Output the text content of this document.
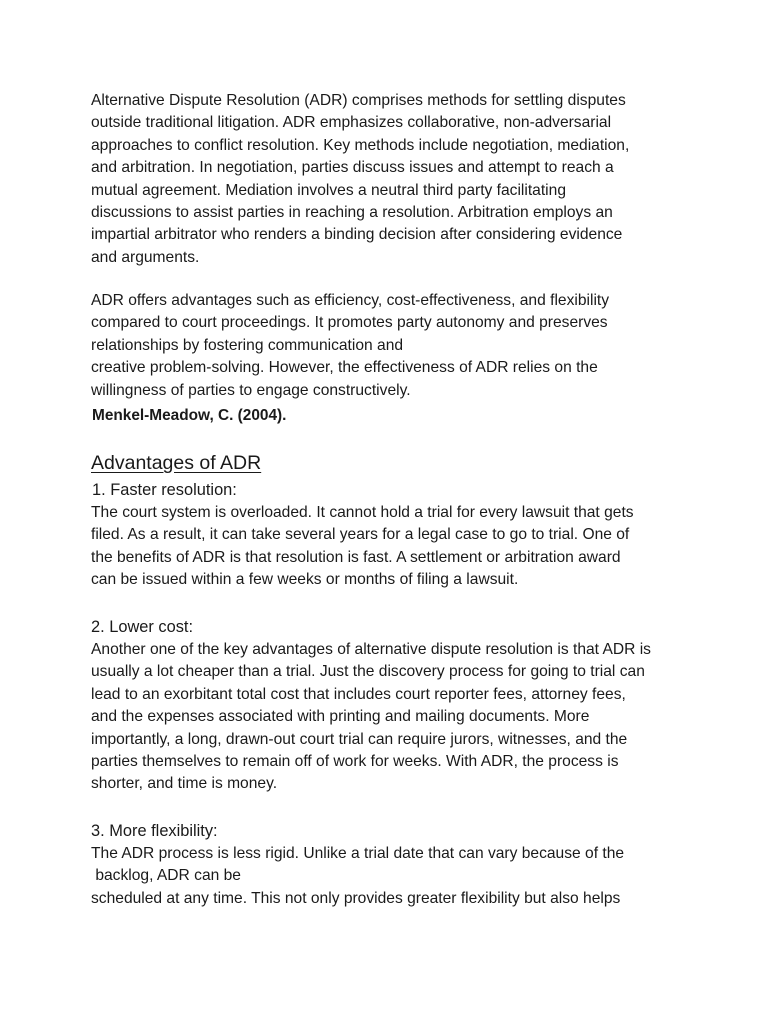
Alternative Dispute Resolution (ADR) comprises methods for settling disputes
outside traditional litigation. ADR emphasizes collaborative, non-adversarial
approaches to conflict resolution. Key methods include negotiation, mediation,
and arbitration. In negotiation, parties discuss issues and attempt to reach a
mutual agreement. Mediation involves a neutral third party facilitating
discussions to assist parties in reaching a resolution. Arbitration employs an
impartial arbitrator who renders a binding decision after considering evidence
and arguments.
ADR offers advantages such as efficiency, cost-effectiveness, and flexibility
compared to court proceedings. It promotes party autonomy and preserves
relationships by fostering communication and
creative problem-solving. However, the effectiveness of ADR relies on the
willingness of parties to engage constructively.
Menkel-Meadow, C. (2004).
Advantages of ADR
1. Faster resolution:
The court system is overloaded. It cannot hold a trial for every lawsuit that gets
filed. As a result, it can take several years for a legal case to go to trial. One of
the benefits of ADR is that resolution is fast. A settlement or arbitration award
can be issued within a few weeks or months of filing a lawsuit.
2. Lower cost:
Another one of the key advantages of alternative dispute resolution is that ADR is
usually a lot cheaper than a trial. Just the discovery process for going to trial can
lead to an exorbitant total cost that includes court reporter fees, attorney fees,
and the expenses associated with printing and mailing documents. More
importantly, a long, drawn-out court trial can require jurors, witnesses, and the
parties themselves to remain off of work for weeks. With ADR, the process is
shorter, and time is money.
3. More flexibility:
The ADR process is less rigid. Unlike a trial date that can vary because of the
backlog, ADR can be
scheduled at any time. This not only provides greater flexibility but also helps
